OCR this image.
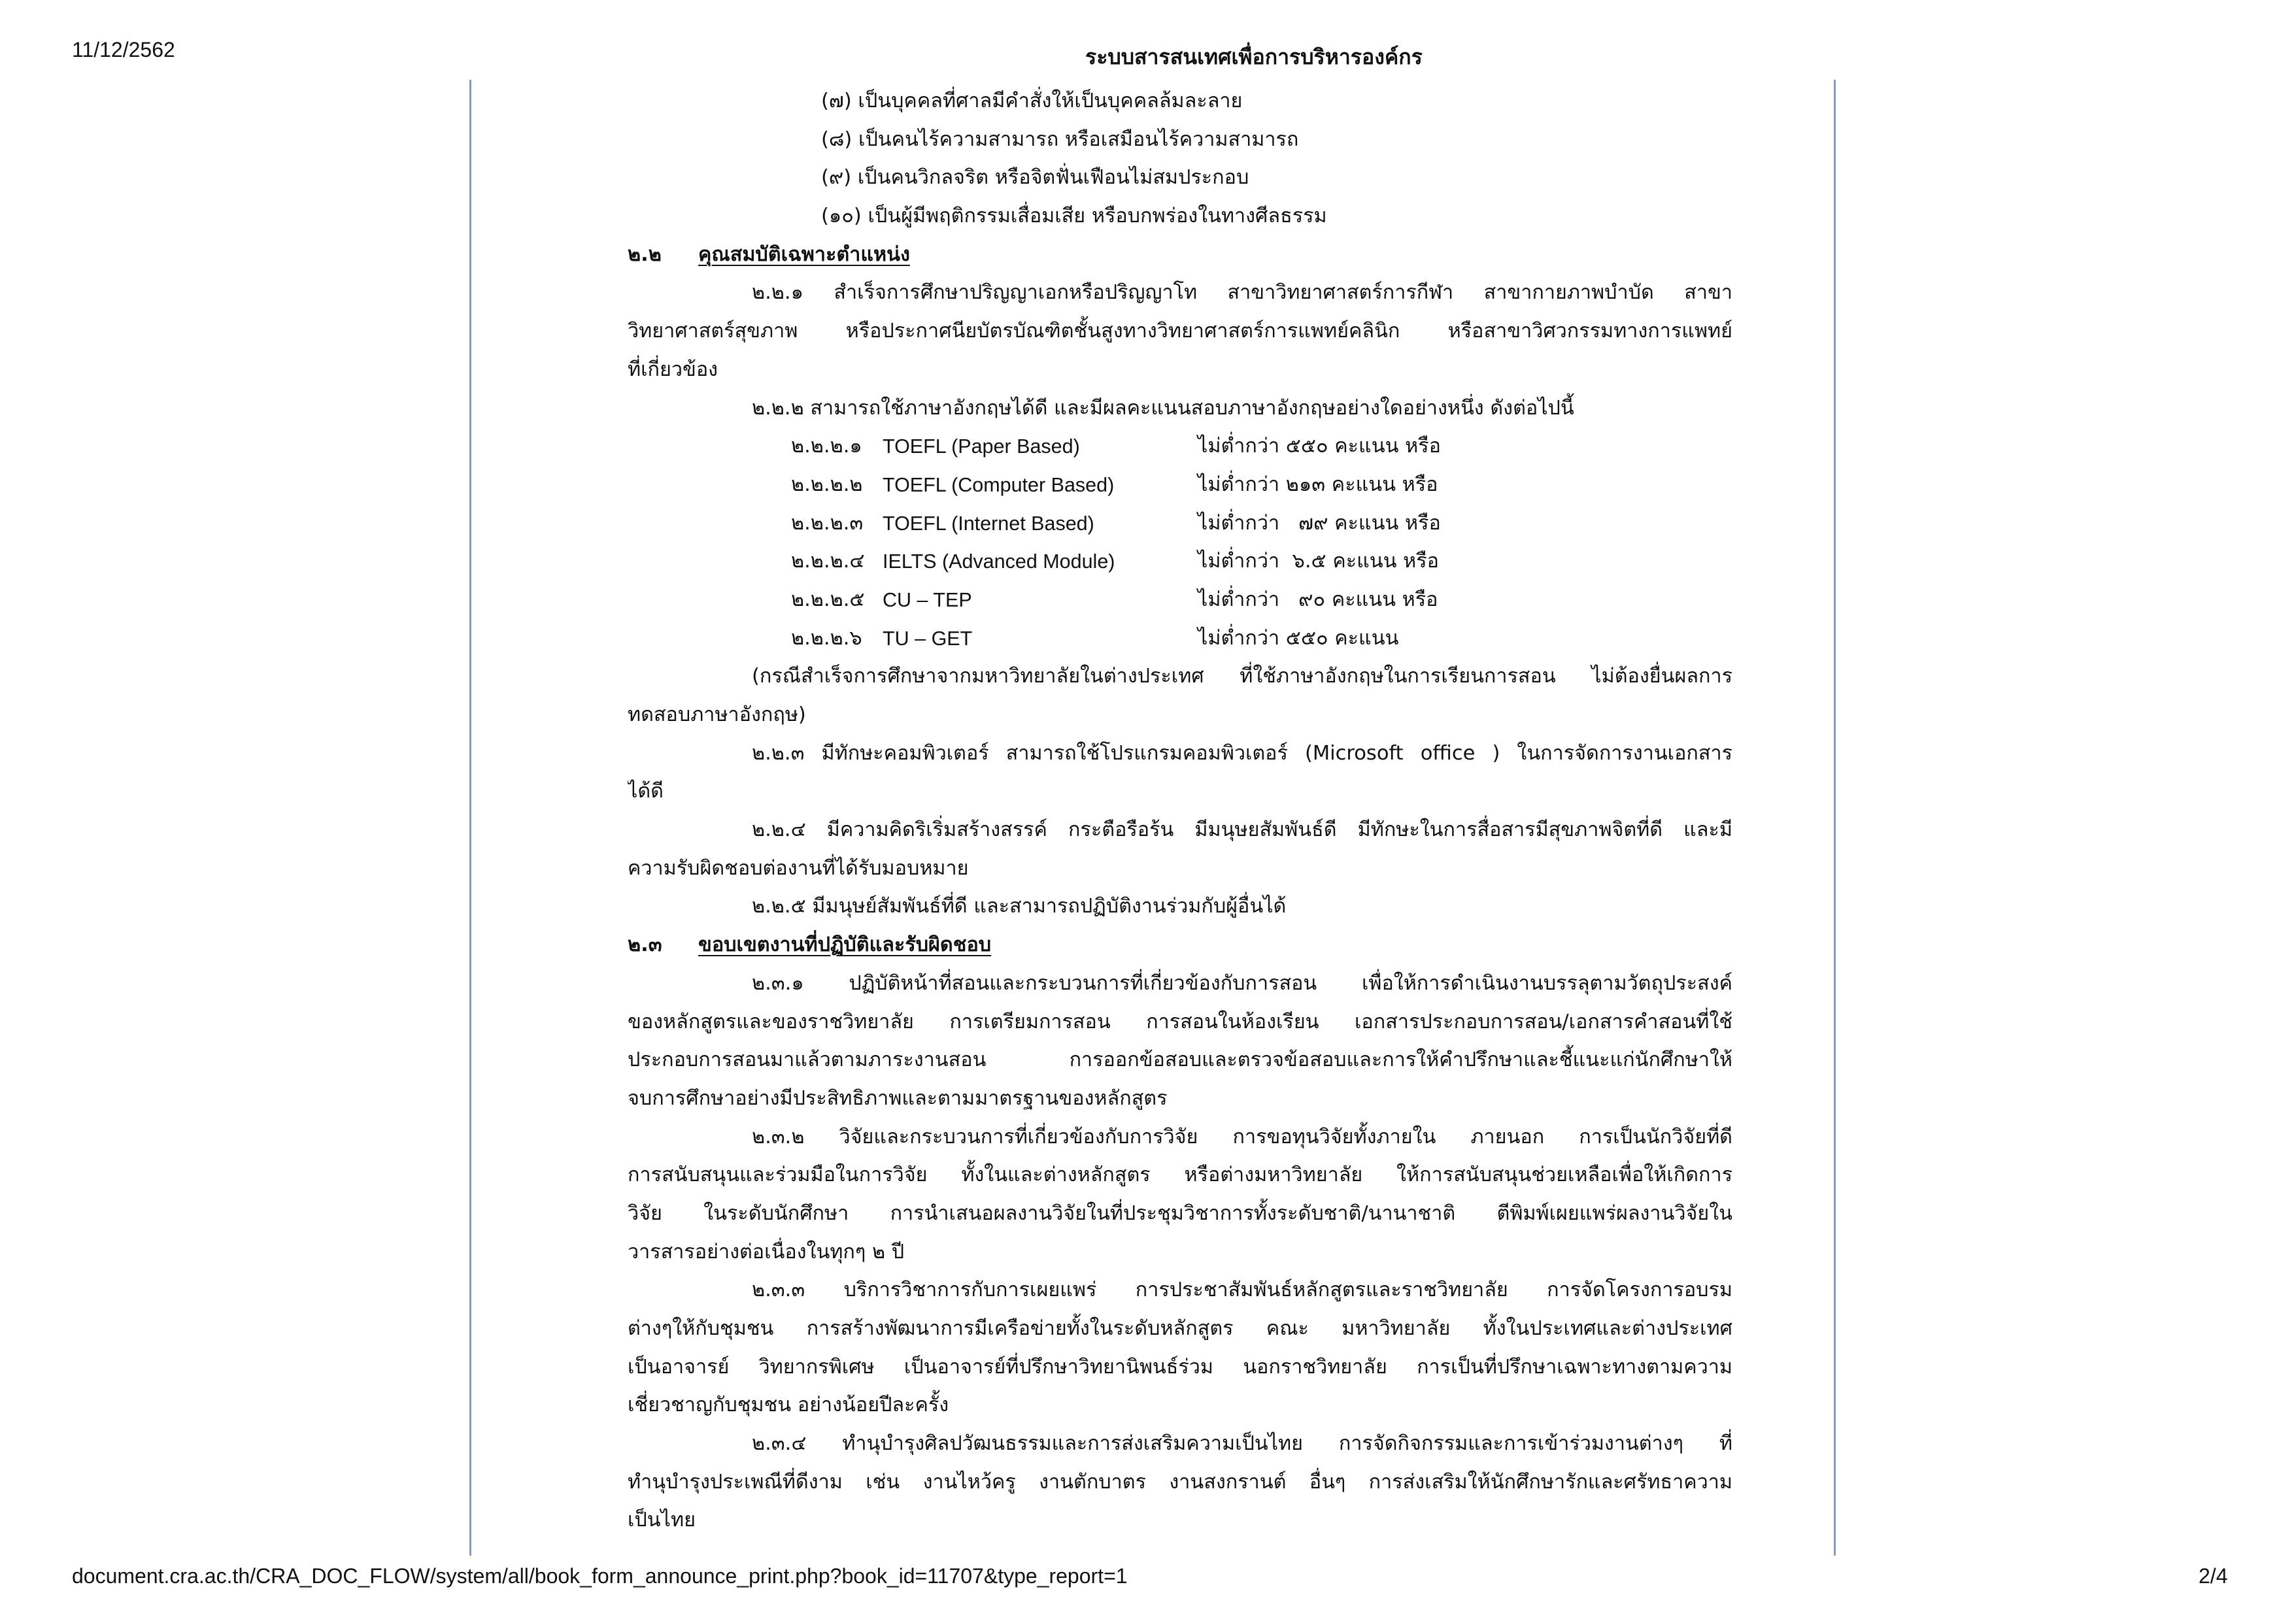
11/12/2562	ระบบสารสนเทศเพื่อการบริหารองค์กร
(๗) เป็นบุคคลที่ศาลมีคำสั่งให้เป็นบุคคลล้มละลาย
(๘) เป็นคนไร้ความสามารถ หรือเสมือนไร้ความสามารถ
(๙) เป็นคนวิกลจริต หรือจิตฟั่นเฟือนไม่สมประกอบ
(๑๐) เป็นผู้มีพฤติกรรมเสื่อมเสีย หรือบกพร่องในทางศีลธรรม
๒.๒ คุณสมบัติเฉพาะตำแหน่ง
๒.๒.๑ สำเร็จการศึกษาปริญญาเอกหรือปริญญาโท สาขาวิทยาศาสตร์การกีฬา สาขากายภาพบำบัด สาขา
วิทยาศาสตร์สุขภาพ หรือประกาศนียบัตรบัณฑิตชั้นสูงทางวิทยาศาสตร์การแพทย์คลินิก หรือสาขาวิศวกรรมทางการแพทย์
ที่เกี่ยวข้อง
๒.๒.๒ สามารถใช้ภาษาอังกฤษได้ดี และมีผลคะแนนสอบภาษาอังกฤษอย่างใดอย่างหนึ่ง ดังต่อไปนี้
๒.๒.๒.๑	TOEFL (Paper Based)	ไม่ต่ำกว่า ๕๕๐ คะแนน หรือ
๒.๒.๒.๒ TOEFL (Computer Based)	ไม่ต่ำกว่า ๒๑๓ คะแนน หรือ
๒.๒.๒.๓ TOEFL (Internet Based)	ไม่ต่ำกว่า   ๗๙ คะแนน หรือ
๒.๒.๒.๔ IELTS (Advanced Module)	ไม่ต่ำกว่า  ๖.๕ คะแนน หรือ
๒.๒.๒.๕ CU – TEP	ไม่ต่ำกว่า   ๙๐ คะแนน หรือ
๒.๒.๒.๖	TU – GET	ไม่ต่ำกว่า ๕๕๐ คะแนน
(กรณีสำเร็จการศึกษาจากมหาวิทยาลัยในต่างประเทศ ที่ใช้ภาษาอังกฤษในการเรียนการสอน ไม่ต้องยื่นผลการ
ทดสอบภาษาอังกฤษ)
๒.๒.๓ มีทักษะคอมพิวเตอร์ สามารถใช้โปรแกรมคอมพิวเตอร์ (Microsoft office ) ในการจัดการงานเอกสาร
ได้ดี
๒.๒.๔ มีความคิดริเริ่มสร้างสรรค์ กระตือรือร้น มีมนุษยสัมพันธ์ดี มีทักษะในการสื่อสารมีสุขภาพจิตที่ดี และมี
ความรับผิดชอบต่องานที่ได้รับมอบหมาย
๒.๒.๕ มีมนุษย์สัมพันธ์ที่ดี และสามารถปฏิบัติงานร่วมกับผู้อื่นได้
๒.๓ ขอบเขตงานที่ปฏิบัติและรับผิดชอบ
๒.๓.๑ ปฏิบัติหน้าที่สอนและกระบวนการที่เกี่ยวข้องกับการสอน เพื่อให้การดำเนินงานบรรลุตามวัตถุประสงค์
ของหลักสูตรและของราชวิทยาลัย การเตรียมการสอน การสอนในห้องเรียน เอกสารประกอบการสอน/เอกสารคำสอนที่ใช้
ประกอบการสอนมาแล้วตามภาระงานสอน การออกข้อสอบและตรวจข้อสอบและการให้คำปรึกษาและชี้แนะแก่นักศึกษาให้
จบการศึกษาอย่างมีประสิทธิภาพและตามมาตรฐานของหลักสูตร
๒.๓.๒ วิจัยและกระบวนการที่เกี่ยวข้องกับการวิจัย การขอทุนวิจัยทั้งภายใน ภายนอก การเป็นนักวิจัยที่ดี
การสนับสนุนและร่วมมือในการวิจัย ทั้งในและต่างหลักสูตร หรือต่างมหาวิทยาลัย ให้การสนับสนุนช่วยเหลือเพื่อให้เกิดการ
วิจัย ในระดับนักศึกษา การนำเสนอผลงานวิจัยในที่ประชุมวิชาการทั้งระดับชาติ/นานาชาติ ตีพิมพ์เผยแพร่ผลงานวิจัยใน
วารสารอย่างต่อเนื่องในทุกๆ ๒ ปี
๒.๓.๓ บริการวิชาการกับการเผยแพร่ การประชาสัมพันธ์หลักสูตรและราชวิทยาลัย การจัดโครงการอบรม
ต่างๆให้กับชุมชน การสร้างพัฒนาการมีเครือข่ายทั้งในระดับหลักสูตร คณะ มหาวิทยาลัย ทั้งในประเทศและต่างประเทศ
เป็นอาจารย์ วิทยากรพิเศษ เป็นอาจารย์ที่ปรึกษาวิทยานิพนธ์ร่วม นอกราชวิทยาลัย การเป็นที่ปรึกษาเฉพาะทางตามความ
เชี่ยวชาญกับชุมชน อย่างน้อยปีละครั้ง
๒.๓.๔ ทำนุบำรุงศิลปวัฒนธรรมและการส่งเสริมความเป็นไทย การจัดกิจกรรมและการเข้าร่วมงานต่างๆ ที่
ทำนุบำรุงประเพณีที่ดีงาม เช่น งานไหว้ครู งานตักบาตร งานสงกรานต์ อื่นๆ การส่งเสริมให้นักศึกษารักและศรัทธาความ
เป็นไทย
document.cra.ac.th/CRA_DOC_FLOW/system/all/book_form_announce_print.php?book_id=11707&type_report=1	2/4
